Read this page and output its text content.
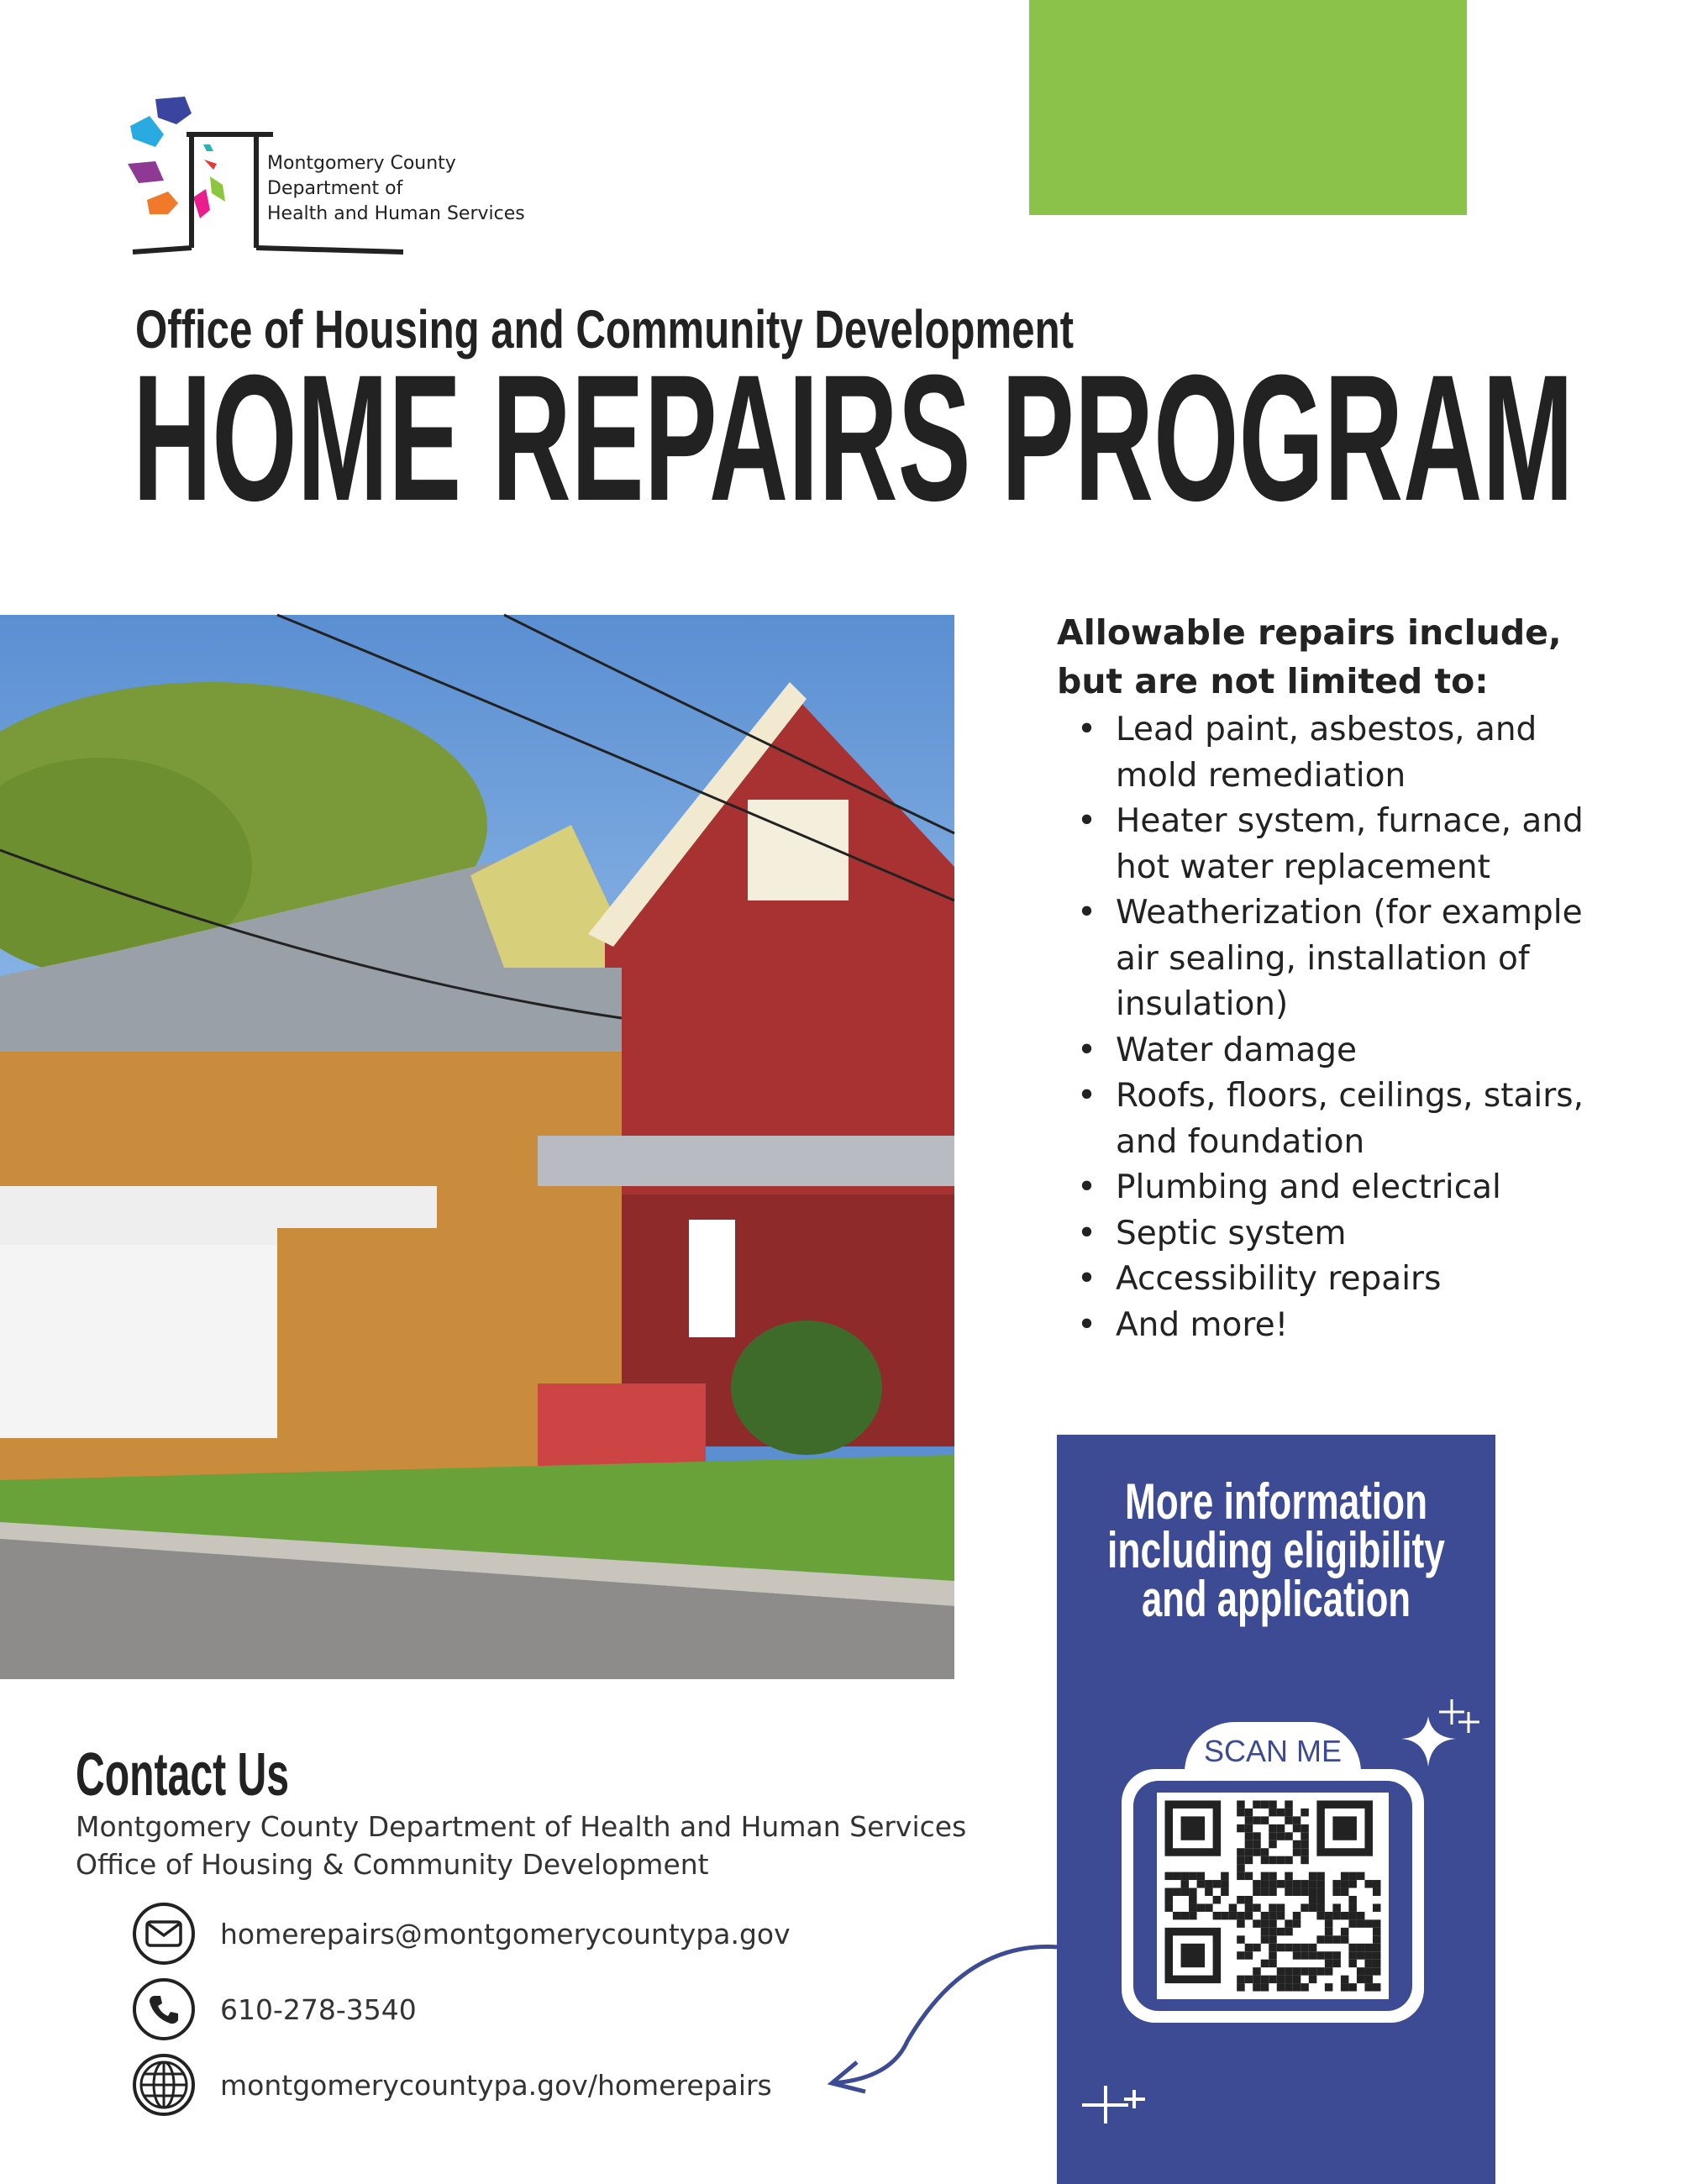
Montgomery County
Department of
Health and Human Services
Office of Housing and Community Development
HOME REPAIRS PROGRAM
Allowable repairs include,
but are not limited to:
• Lead paint, asbestos, and mold remediation
• Heater system, furnace, and hot water replacement
• Weatherization (for example air sealing, installation of insulation)
• Water damage
• Roofs, floors, ceilings, stairs, and foundation
• Plumbing and electrical
• Septic system
• Accessibility repairs
• And more!
More information
including eligibility
and application
SCAN ME
Contact Us
Montgomery County Department of Health and Human Services
Office of Housing & Community Development
homerepairs@montgomerycountypa.gov
610-278-3540
montgomerycountypa.gov/homerepairs
